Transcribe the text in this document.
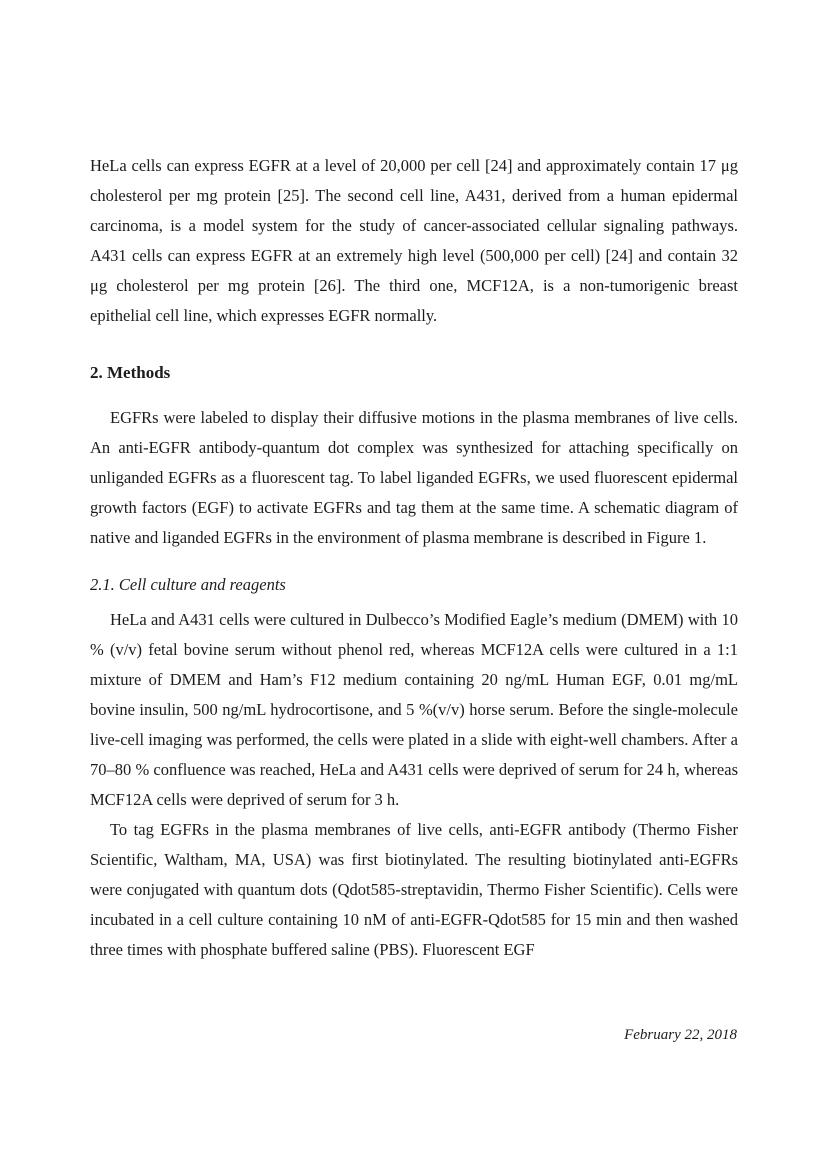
HeLa cells can express EGFR at a level of 20,000 per cell [24] and approximately contain 17 μg cholesterol per mg protein [25]. The second cell line, A431, derived from a human epidermal carcinoma, is a model system for the study of cancer-associated cellular signaling pathways. A431 cells can express EGFR at an extremely high level (500,000 per cell) [24] and contain 32 μg cholesterol per mg protein [26]. The third one, MCF12A, is a non-tumorigenic breast epithelial cell line, which expresses EGFR normally.

2. Methods

EGFRs were labeled to display their diffusive motions in the plasma membranes of live cells. An anti-EGFR antibody-quantum dot complex was synthesized for attaching specifically on unliganded EGFRs as a fluorescent tag. To label liganded EGFRs, we used fluorescent epidermal growth factors (EGF) to activate EGFRs and tag them at the same time. A schematic diagram of native and liganded EGFRs in the environment of plasma membrane is described in Figure 1.

2.1. Cell culture and reagents

HeLa and A431 cells were cultured in Dulbecco’s Modified Eagle’s medium (DMEM) with 10 % (v/v) fetal bovine serum without phenol red, whereas MCF12A cells were cultured in a 1:1 mixture of DMEM and Ham’s F12 medium containing 20 ng/mL Human EGF, 0.01 mg/mL bovine insulin, 500 ng/mL hydrocortisone, and 5 %(v/v) horse serum. Before the single-molecule live-cell imaging was performed, the cells were plated in a slide with eight-well chambers. After a 70–80 % confluence was reached, HeLa and A431 cells were deprived of serum for 24 h, whereas MCF12A cells were deprived of serum for 3 h.

To tag EGFRs in the plasma membranes of live cells, anti-EGFR antibody (Thermo Fisher Scientific, Waltham, MA, USA) was first biotinylated. The resulting biotinylated anti-EGFRs were conjugated with quantum dots (Qdot585-streptavidin, Thermo Fisher Scientific). Cells were incubated in a cell culture containing 10 nM of anti-EGFR-Qdot585 for 15 min and then washed three times with phosphate buffered saline (PBS). Fluorescent EGF

February 22, 2018
